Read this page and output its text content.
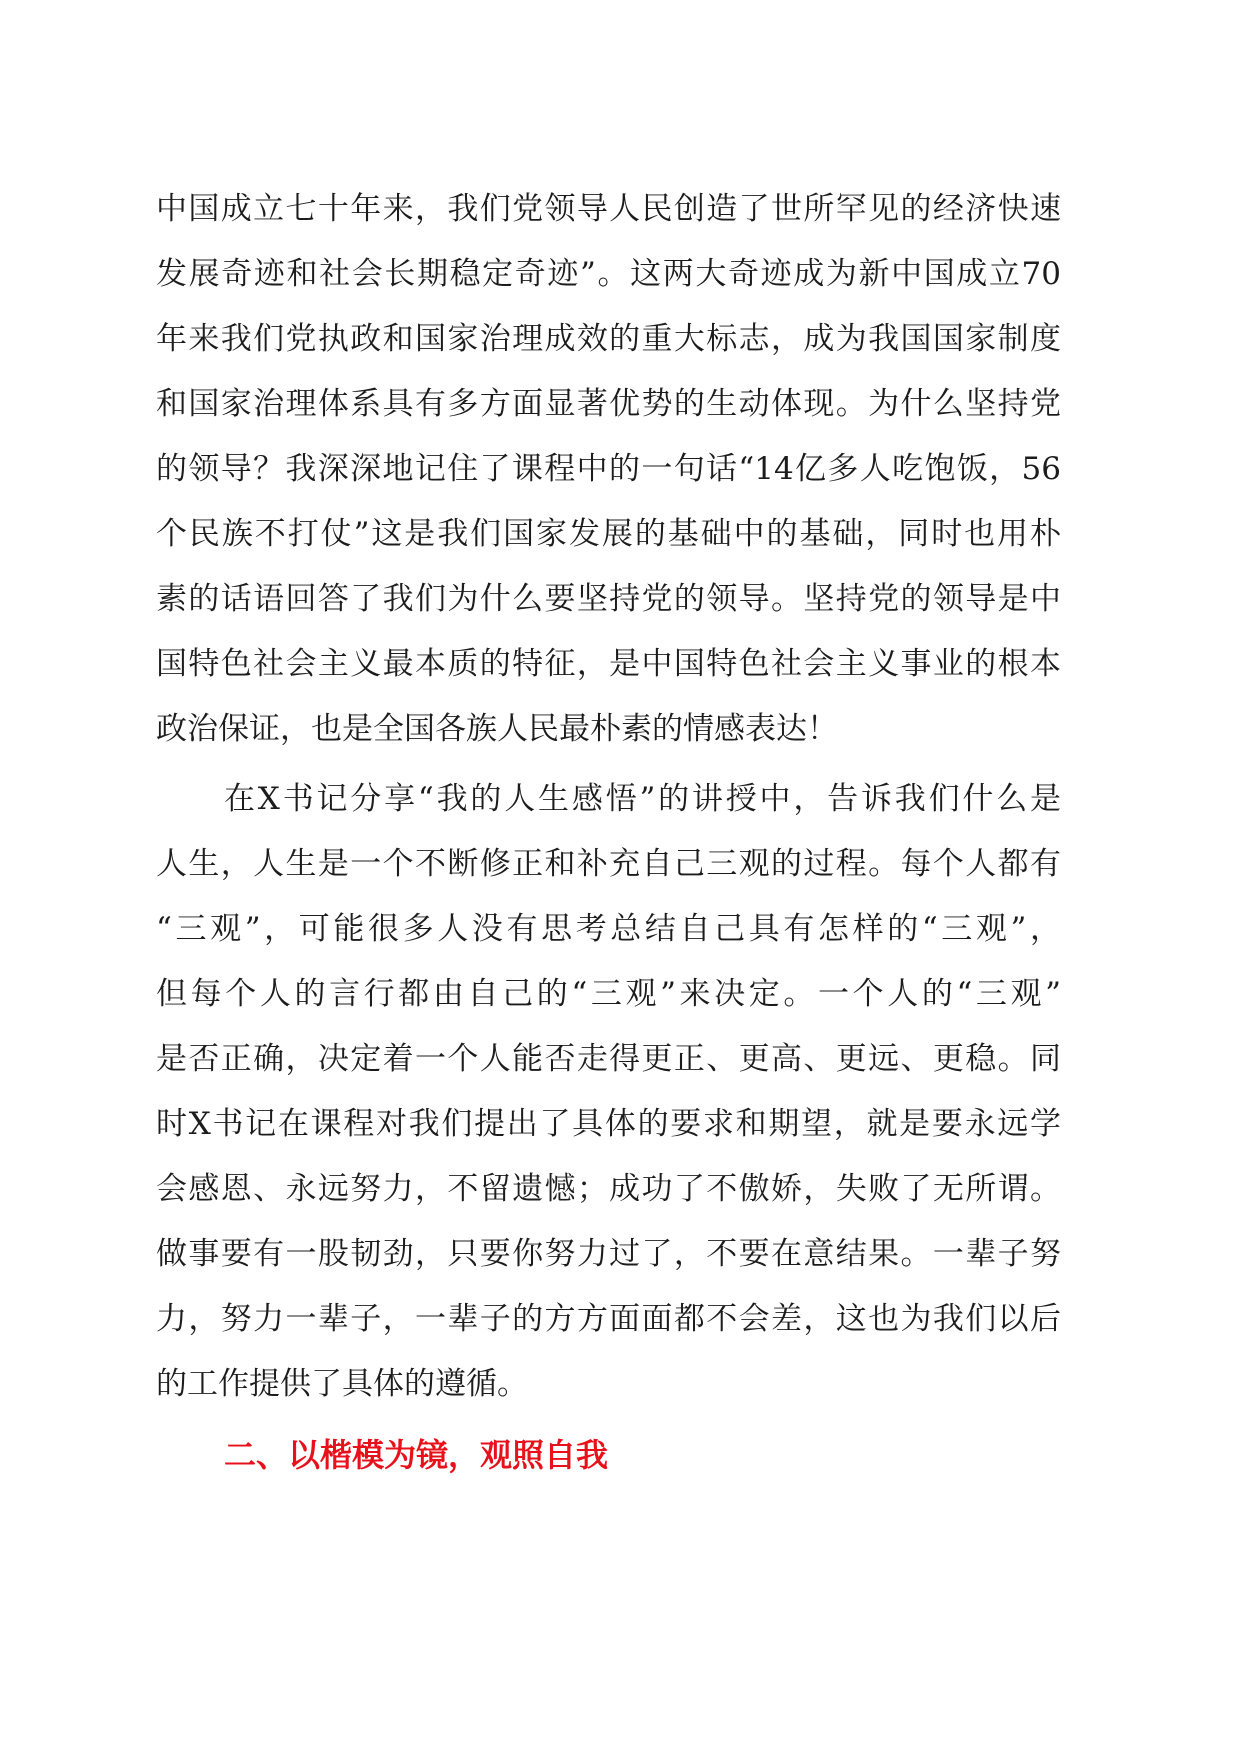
中国成立七十年来，我们党领导人民创造了世所罕见的经济快速
发展奇迹和社会长期稳定奇迹”。这两大奇迹成为新中国成立70
年来我们党执政和国家治理成效的重大标志，成为我国国家制度
和国家治理体系具有多方面显著优势的生动体现。为什么坚持党
的领导？我深深地记住了课程中的一句话“14亿多人吃饱饭，56
个民族不打仗”这是我们国家发展的基础中的基础，同时也用朴
素的话语回答了我们为什么要坚持党的领导。坚持党的领导是中
国特色社会主义最本质的特征，是中国特色社会主义事业的根本
政治保证，也是全国各族人民最朴素的情感表达！
在X书记分享“我的人生感悟”的讲授中，告诉我们什么是
人生，人生是一个不断修正和补充自己三观的过程。每个人都有
“三观”，可能很多人没有思考总结自己具有怎样的“三观”，
但每个人的言行都由自己的“三观”来决定。一个人的“三观”
是否正确，决定着一个人能否走得更正、更高、更远、更稳。同
时X书记在课程对我们提出了具体的要求和期望，就是要永远学
会感恩、永远努力，不留遗憾；成功了不傲娇，失败了无所谓。
做事要有一股韧劲，只要你努力过了，不要在意结果。一辈子努
力，努力一辈子，一辈子的方方面面都不会差，这也为我们以后
的工作提供了具体的遵循。
二、以楷模为镜，观照自我
